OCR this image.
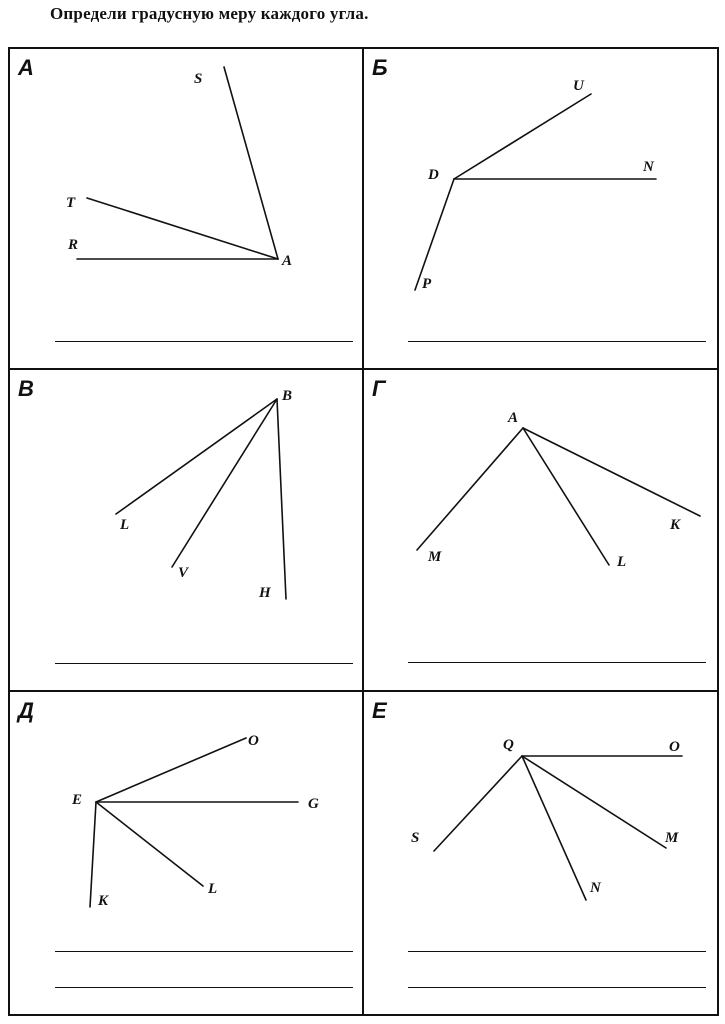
Определи градусную меру каждого угла.
А	S
T
R
A
Б
U
D	N
P
В	B
L
V
H
Г
A
M	L
K
Д
O
E	G
L
K
Е
Q	O
S	M
N
